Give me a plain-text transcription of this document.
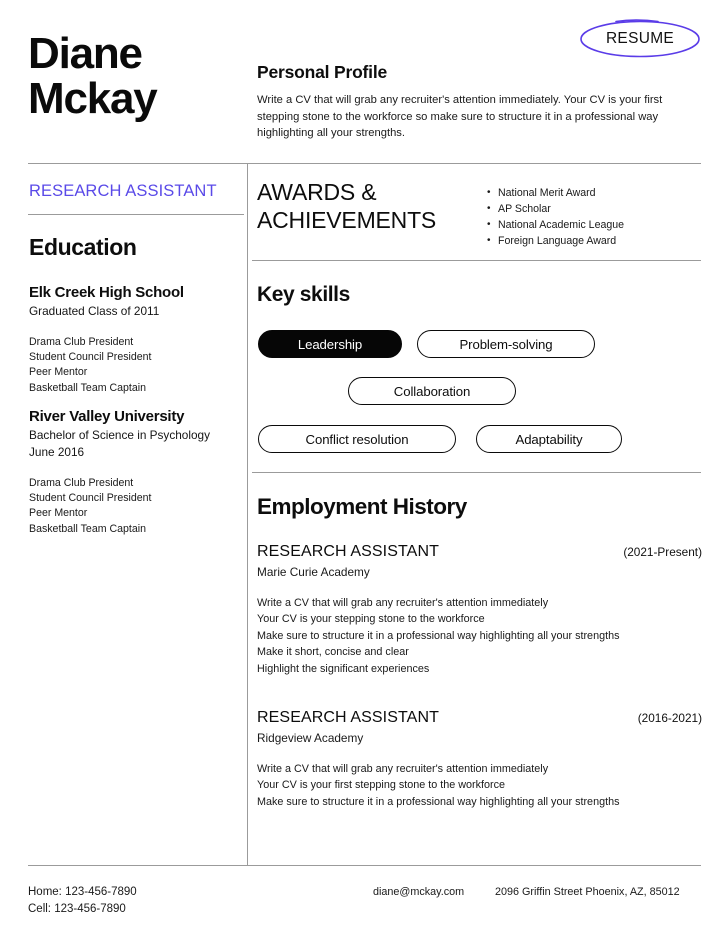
RESUME
Diane
Mckay
Personal Profile
Write a CV that will grab any recruiter's attention immediately. Your CV is your first stepping stone to the workforce so make sure to structure it in a professional way highlighting all your strengths.
RESEARCH ASSISTANT
Education
Elk Creek High School
Graduated Class of 2011
Drama Club President
Student Council President
Peer Mentor
Basketball Team Captain
River Valley University
Bachelor of Science in Psychology
June 2016
Drama Club President
Student Council President
Peer Mentor
Basketball Team Captain
AWARDS &
ACHIEVEMENTS
• National Merit Award
• AP Scholar
• National Academic League
• Foreign Language Award
Key skills
Leadership	Problem-solving
Collaboration
Conflict resolution	Adaptability
Employment History
RESEARCH ASSISTANT	(2021-Present)
Marie Curie Academy
Write a CV that will grab any recruiter's attention immediately
Your CV is your stepping stone to the workforce
Make sure to structure it in a professional way highlighting all your strengths
Make it short, concise and clear
Highlight the significant experiences
RESEARCH ASSISTANT	(2016-2021)
Ridgeview Academy
Write a CV that will grab any recruiter's attention immediately
Your CV is your first stepping stone to the workforce
Make sure to structure it in a professional way highlighting all your strengths
Home: 123-456-7890
Cell: 123-456-7890
diane@mckay.com	2096 Griffin Street Phoenix, AZ, 85012
